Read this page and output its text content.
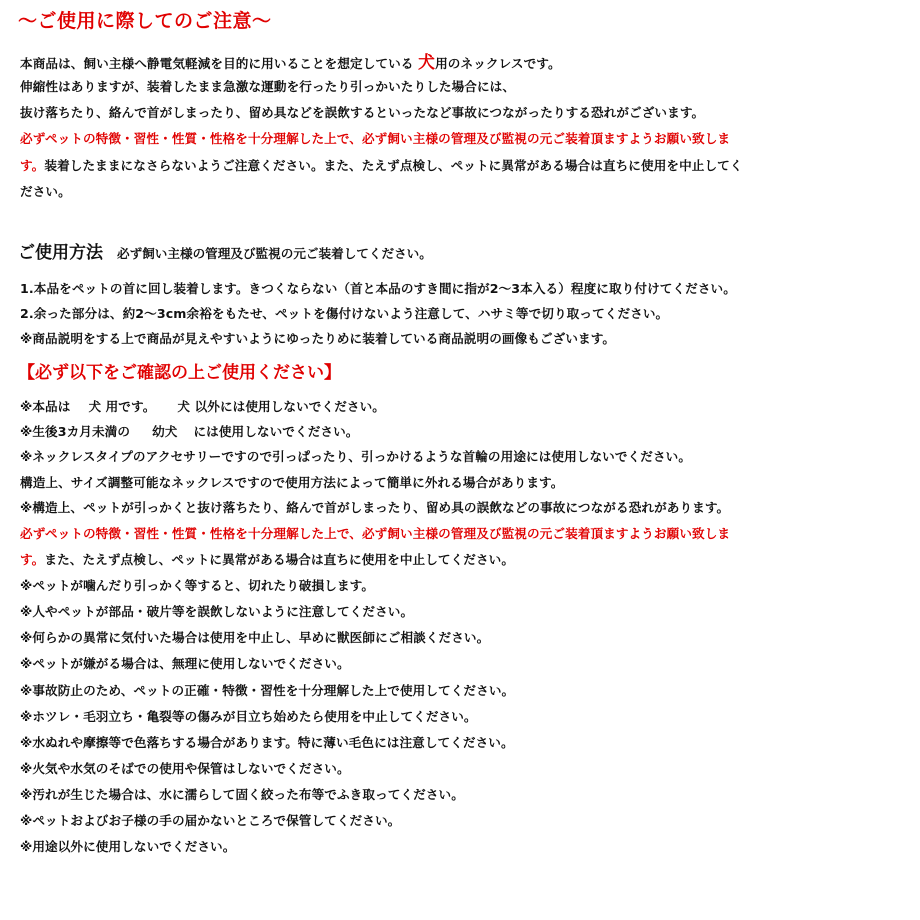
〜ご使用に際してのご注意〜
本商品は、飼い主様へ静電気軽減を目的に用いることを想定している 犬用のネックレスです。
伸縮性はありますが、装着したまま急激な運動を行ったり引っかいたりした場合には、
抜け落ちたり、絡んで首がしまったり、留め具などを誤飲するといったなど事故につながったりする恐れがございます。
必ずペットの特徴・習性・性質・性格を十分理解した上で、必ず飼い主様の管理及び監視の元ご装着頂ますようお願い致しま
す。装着したままになさらないようご注意ください。また、たえず点検し、ペットに異常がある場合は直ちに使用を中止してく
ださい。
ご使用方法 必ず飼い主様の管理及び監視の元ご装着してください。
1.本品をペットの首に回し装着します。きつくならない（首と本品のすき間に指が2〜3本入る）程度に取り付けてください。
2.余った部分は、約2〜3cm余裕をもたせ、ペットを傷付けないよう注意して、ハサミ等で切り取ってください。
※商品説明をする上で商品が見えやすいようにゆったりめに装着している商品説明の画像もございます。
【必ず以下をご確認の上ご使用ください】
※本品は 犬 用です。 犬 以外には使用しないでください。
※生後3カ月未満の 幼犬 には使用しないでください。
※ネックレスタイプのアクセサリーですので引っぱったり、引っかけるような首輪の用途には使用しないでください。
構造上、サイズ調整可能なネックレスですので使用方法によって簡単に外れる場合があります。
※構造上、ペットが引っかくと抜け落ちたり、絡んで首がしまったり、留め具の誤飲などの事故につながる恐れがあります。
必ずペットの特徴・習性・性質・性格を十分理解した上で、必ず飼い主様の管理及び監視の元ご装着頂ますようお願い致しま
す。また、たえず点検し、ペットに異常がある場合は直ちに使用を中止してください。
※ペットが噛んだり引っかく等すると、切れたり破損します。
※人やペットが部品・破片等を誤飲しないように注意してください。
※何らかの異常に気付いた場合は使用を中止し、早めに獣医師にご相談ください。
※ペットが嫌がる場合は、無理に使用しないでください。
※事故防止のため、ペットの正確・特徴・習性を十分理解した上で使用してください。
※ホツレ・毛羽立ち・亀裂等の傷みが目立ち始めたら使用を中止してください。
※水ぬれや摩擦等で色落ちする場合があります。特に薄い毛色には注意してください。
※火気や水気のそばでの使用や保管はしないでください。
※汚れが生じた場合は、水に濡らして固く絞った布等でふき取ってください。
※ペットおよびお子様の手の届かないところで保管してください。
※用途以外に使用しないでください。
